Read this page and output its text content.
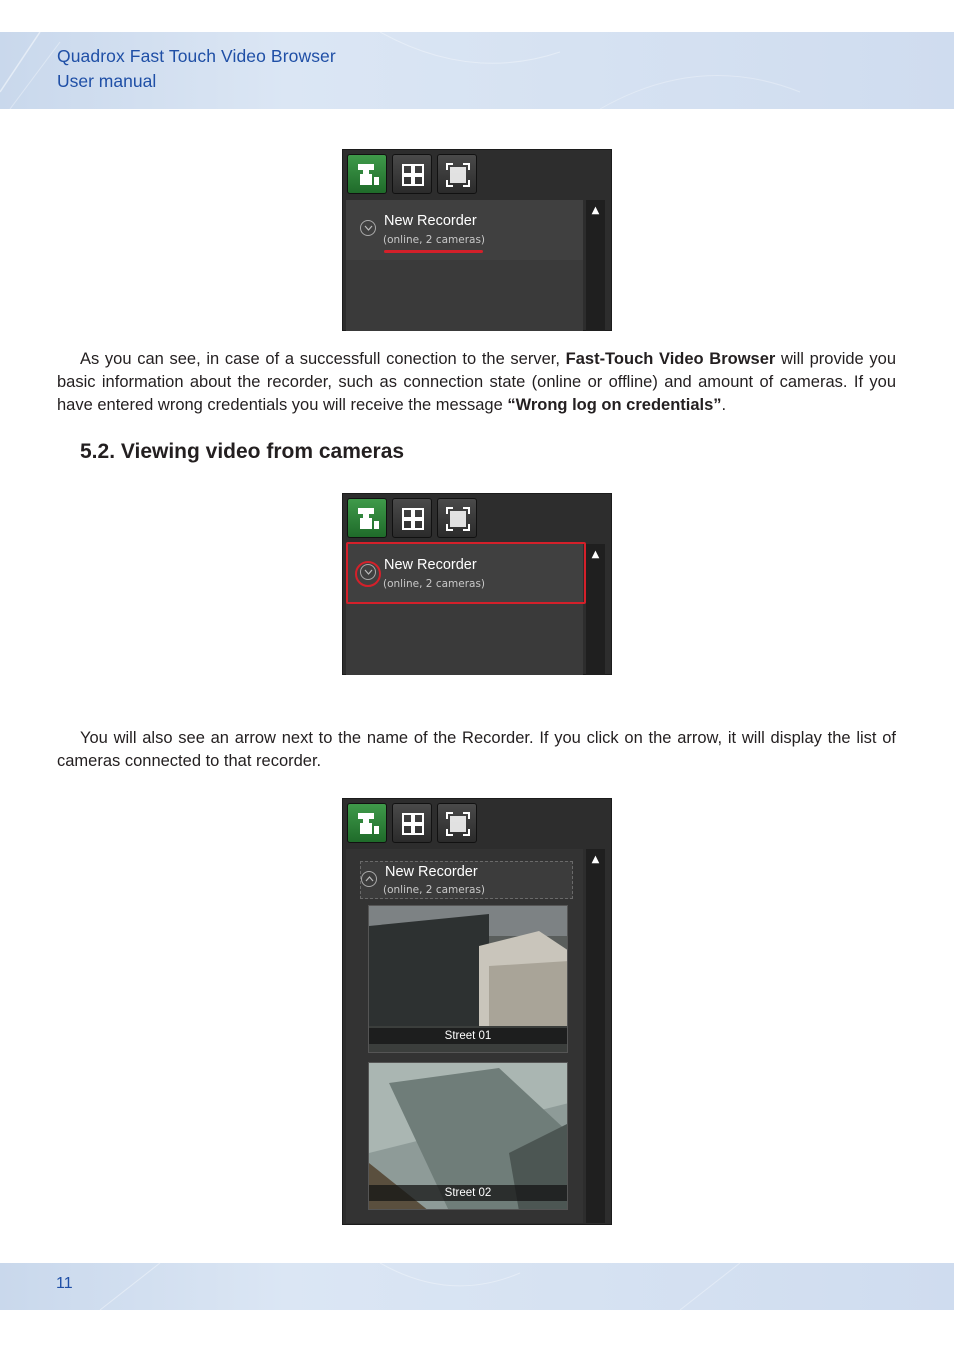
Quadrox Fast Touch Video Browser
User manual
New Recorder
(online, 2 cameras)
▲

As you can see, in case of a successfull conection to the server, Fast-Touch Video Browser will provide you basic information about the recorder, such as connection state (online or offline) and amount of cameras. If you have entered wrong credentials you will receive the message “Wrong log on credentials”.

5.2. Viewing video from cameras
New Recorder
(online, 2 cameras)
▲

You will also see an arrow next to the name of the Recorder. If you click on the arrow, it will display the list of cameras connected to that recorder.

New Recorder
(online, 2 cameras)
Street 01
Street 02
▲
11
